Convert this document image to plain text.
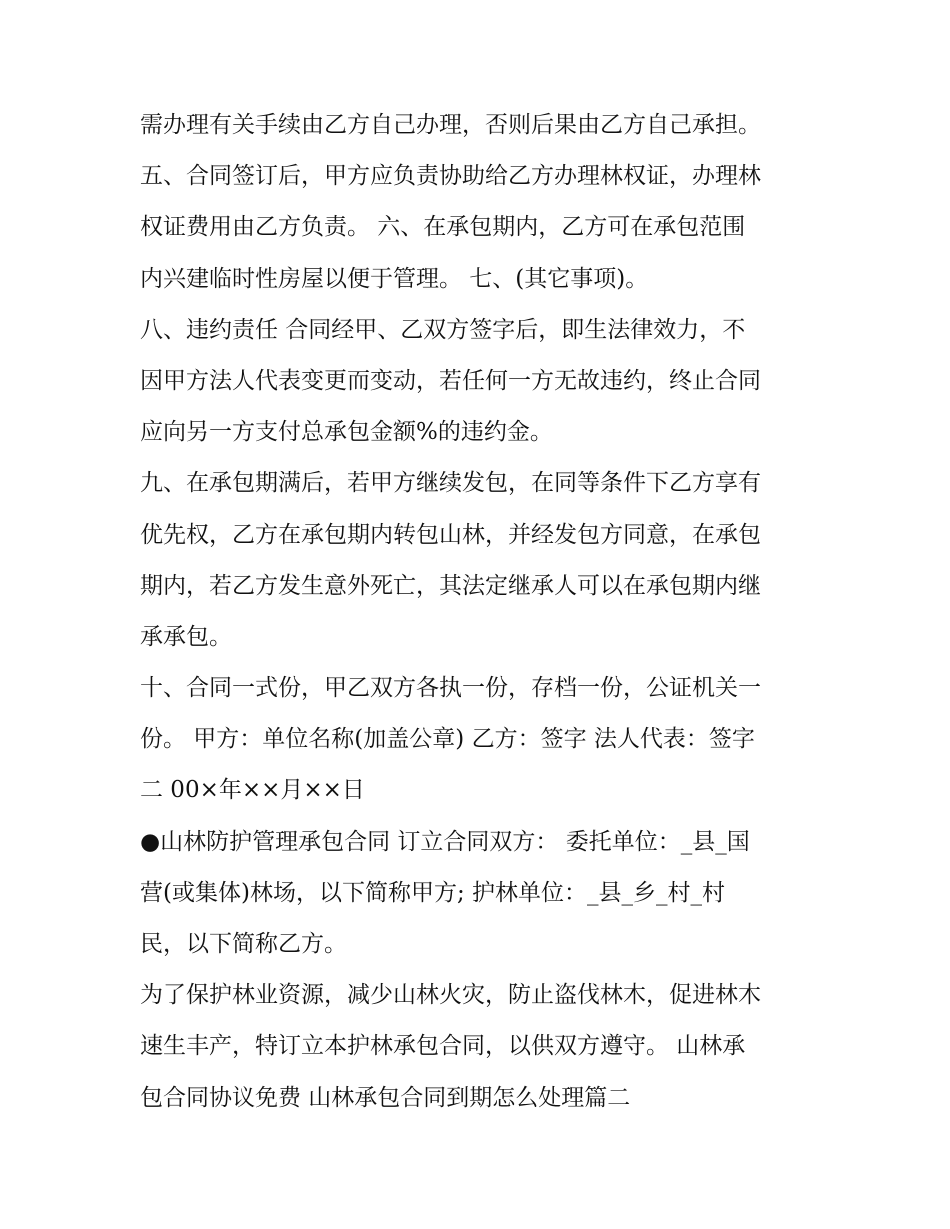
需办理有关手续由乙方自己办理，否则后果由乙方自己承担。
五、合同签订后，甲方应负责协助给乙方办理林权证，办理林
权证费用由乙方负责。 六、在承包期内，乙方可在承包范围
内兴建临时性房屋以便于管理。 七、(其它事项)。
八、违约责任 合同经甲、乙双方签字后，即生法律效力，不
因甲方法人代表变更而变动，若任何一方无故违约，终止合同
应向另一方支付总承包金额%的违约金。
九、在承包期满后，若甲方继续发包，在同等条件下乙方享有
优先权，乙方在承包期内转包山林，并经发包方同意，在承包
期内，若乙方发生意外死亡，其法定继承人可以在承包期内继
承承包。
十、合同一式份，甲乙双方各执一份，存档一份，公证机关一
份。 甲方：单位名称(加盖公章) 乙方：签字 法人代表：签字
二 00×年××月××日
●山林防护管理承包合同 订立合同双方： 委托单位：_县_国
营(或集体)林场，以下简称甲方; 护林单位：_县_乡_村_村
民，以下简称乙方。
为了保护林业资源，减少山林火灾，防止盗伐林木，促进林木
速生丰产，特订立本护林承包合同，以供双方遵守。 山林承
包合同协议免费 山林承包合同到期怎么处理篇二
